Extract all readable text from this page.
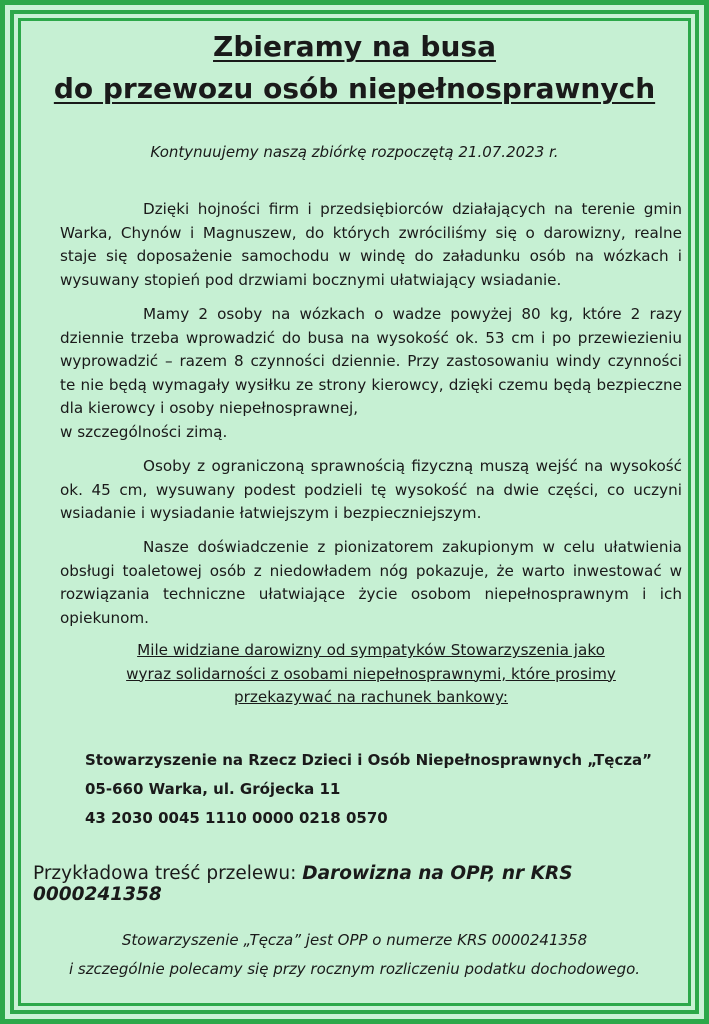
Zbieramy na busa
do przewozu osób niepełnosprawnych
Kontynuujemy naszą zbiórkę rozpoczętą 21.07.2023 r.
Dzięki hojności firm i przedsiębiorców działających na terenie gmin Warka, Chynów i Magnuszew, do których zwróciliśmy się o darowizny, realne staje się doposażenie samochodu w windę do załadunku osób na wózkach i wysuwany stopień pod drzwiami bocznymi ułatwiający wsiadanie.
Mamy 2 osoby na wózkach o wadze powyżej 80 kg, które 2 razy dziennie trzeba wprowadzić do busa na wysokość ok. 53 cm i po przewiezieniu wyprowadzić – razem 8 czynności dziennie. Przy zastosowaniu windy czynności te nie będą wymagały wysiłku ze strony kierowcy, dzięki czemu będą bezpieczne dla kierowcy i osoby niepełnosprawnej,
w szczególności zimą.
Osoby z ograniczoną sprawnością fizyczną muszą wejść na wysokość ok. 45 cm, wysuwany podest podzieli tę wysokość na dwie części, co uczyni wsiadanie i wysiadanie łatwiejszym i bezpieczniejszym.
Nasze doświadczenie z pionizatorem zakupionym w celu ułatwienia obsługi toaletowej osób z niedowładem nóg pokazuje, że warto inwestować w rozwiązania techniczne ułatwiające życie osobom niepełnosprawnym i ich opiekunom.
Mile widziane darowizny od sympatyków Stowarzyszenia jako
wyraz solidarności z osobami niepełnosprawnymi, które prosimy
przekazywać na rachunek bankowy:
Stowarzyszenie na Rzecz Dzieci i Osób Niepełnosprawnych „Tęcza”
05-660 Warka, ul. Grójecka 11
43 2030 0045 1110 0000 0218 0570
Przykładowa treść przelewu: Darowizna na OPP, nr KRS 0000241358
Stowarzyszenie „Tęcza” jest OPP o numerze KRS 0000241358
i szczególnie polecamy się przy rocznym rozliczeniu podatku dochodowego.
